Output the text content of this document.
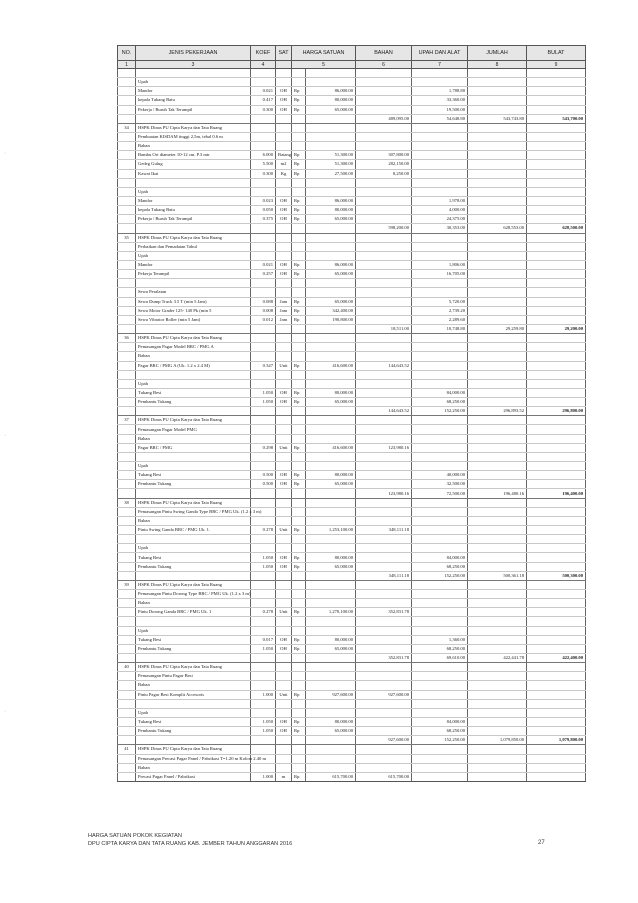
NO.	JENIS PEKERJAAN	KOEF	SAT	HARGA SATUAN		BAHAN	UPAH DAN ALAT	JUMLAH	BULAT
1	3	4		5		6	7	8	9

	Upah								
	Mandor	0.021	OH	Rp	86,000.00		1,788.80		
	kepala Tukang Batu	0.417	OH	Rp	80,000.00		33,360.00		
	Pekerja / Buruh Tak Terampil	0.300	OH	Rp	65,000.00		19,500.00		
						489,095.00	54,648.80	543,743.80	543,700.00
34	HSPK Dinas PU Cipta Karya dan Tata Ruang								
	Pembuatan KISDAM tinggi 2,5m, tebal 0.6 m								
	Bahan								
	Bambu Ori diameter 10-12 cm, P.3 mtr	6.000	Batang	Rp	51,300.00	307,800.00			
	Gedeg Gulug	5.500	m2	Rp	51,300.00	282,150.00			
	Kawat Ikat	0.300	Kg	Rp	27,500.00	8,250.00			

	Upah								
	Mandor	0.023	OH	Rp	86,000.00		1,978.00		
	kepala Tukang Batu	0.050	OH	Rp	80,000.00		4,000.00		
	Pekerja / Buruh Tak Terampil	0.375	OH	Rp	65,000.00		24,375.00		
						598,200.00	30,353.00	628,553.00	628,500.00
35	HSPK Dinas PU Cipta Karya dan Tata Ruang								
	Perbaikan dan Pemadatan Tabul								
	Upah								
	Mandor	0.021	OH	Rp	86,000.00		1,806.00		
	Pekerja Terampil	0.257	OH	Rp	65,000.00		16,705.00		

	Sewa Peralatan								
	Sewa Dump Truck 3.5 T (min 5 Jam)	0.088	Jam	Rp	65,000.00		5,720.00		
	Sewa Motor Grader 125- 140 Pk (min 5	0.008	Jam	Rp	342,400.00		2,739.20		
	Sewa Vibrator Roller (min 5 Jam)	0.012	Jam	Rp	190,800.00		2,289.60		
						18,511.00	10,748.80	29,259.80	29,200.00
36	HSPK Dinas PU Cipta Karya dan Tata Ruang								
	Pemasangan Pagar Model BRC / PMG A								
	Bahan								
	Pagar BRC / PMG A (Uk. 1.2 x 2.4 M)	0.347	Unit	Rp	416,600.00	144,643.52			

	Upah								
	Tukang Besi	1.050	OH	Rp	80,000.00		84,000.00		
	Pembantu Tukang	1.050	OH	Rp	65,000.00		68,250.00		
						144,643.52	152,250.00	296,893.52	296,800.00
37	HSPK Dinas PU Cipta Karya dan Tata Ruang								
	Pemasangan Pagar Model PMG								
	Bahan								
	Pagar BRC / PMG	0.298	Unit	Rp	416,600.00	123,980.16			

	Upah								
	Tukang Besi	0.500	OH	Rp	80,000.00		40,000.00		
	Pembantu Tukang	0.500	OH	Rp	65,000.00		32,500.00		
						123,980.16	72,500.00	196,480.16	196,400.00
38	HSPK Dinas PU Cipta Karya dan Tata Ruang								
	Pemasangan Pintu Swing Ganda Type BRC / PMG Uk. (1.2 x 3 m)								
	Bahan								
	Pintu Swing Ganda BRC / PMG Uk. 1.	0.278	Unit	Rp	1,253,100.00	348,111.18			

	Upah								
	Tukang Besi	1.050	OH	Rp	80,000.00		84,000.00		
	Pembantu Tukang	1.050	OH	Rp	65,000.00		68,250.00		
						348,111.18	152,250.00	500,361.18	500,300.00
39	HSPK Dinas PU Cipta Karya dan Tata Ruang								
	Pemasangan Pintu Dorong Type BRC / PMG Uk. (1.2 x 3 m)								
	Bahan								
	Pintu Dorong Ganda BRC / PMG Uk. 1	0.278	Unit	Rp	1,270,100.00	352,831.78			

	Upah								
	Tukang Besi	0.017	OH	Rp	80,000.00		1,360.00		
	Pembantu Tukang	1.050	OH	Rp	65,000.00		68,250.00		
						352,831.78	69,610.00	422,441.78	422,400.00
40	HSPK Dinas PU Cipta Karya dan Tata Ruang								
	Pemasangan Pintu Pagar Besi								
	Bahan								
	Pintu Pagar Besi Komplit Accesoris	1.000	Unit	Rp	927,600.00	927,600.00			

	Upah								
	Tukang Besi	1.050	OH	Rp	80,000.00		84,000.00		
	Pembantu Tukang	1.050	OH	Rp	65,000.00		68,250.00		
						927,600.00	152,250.00	1,079,850.00	1,079,800.00
41	HSPK Dinas PU Cipta Karya dan Tata Ruang								
	Pemasangan Precast Pagar Panel / Pabrikasi T=1.20 m Kolom 2.40 m								
	Bahan								
	Precast Pagar Panel / Pabrikasi	1.000	m	Rp	615,700.00	615,700.00			
HARGA SATUAN POKOK KEGIATAN
DPU CIPTA KARYA DAN TATA RUANG KAB. JEMBER TAHUN ANGGARAN 2016	27
·
·
·
